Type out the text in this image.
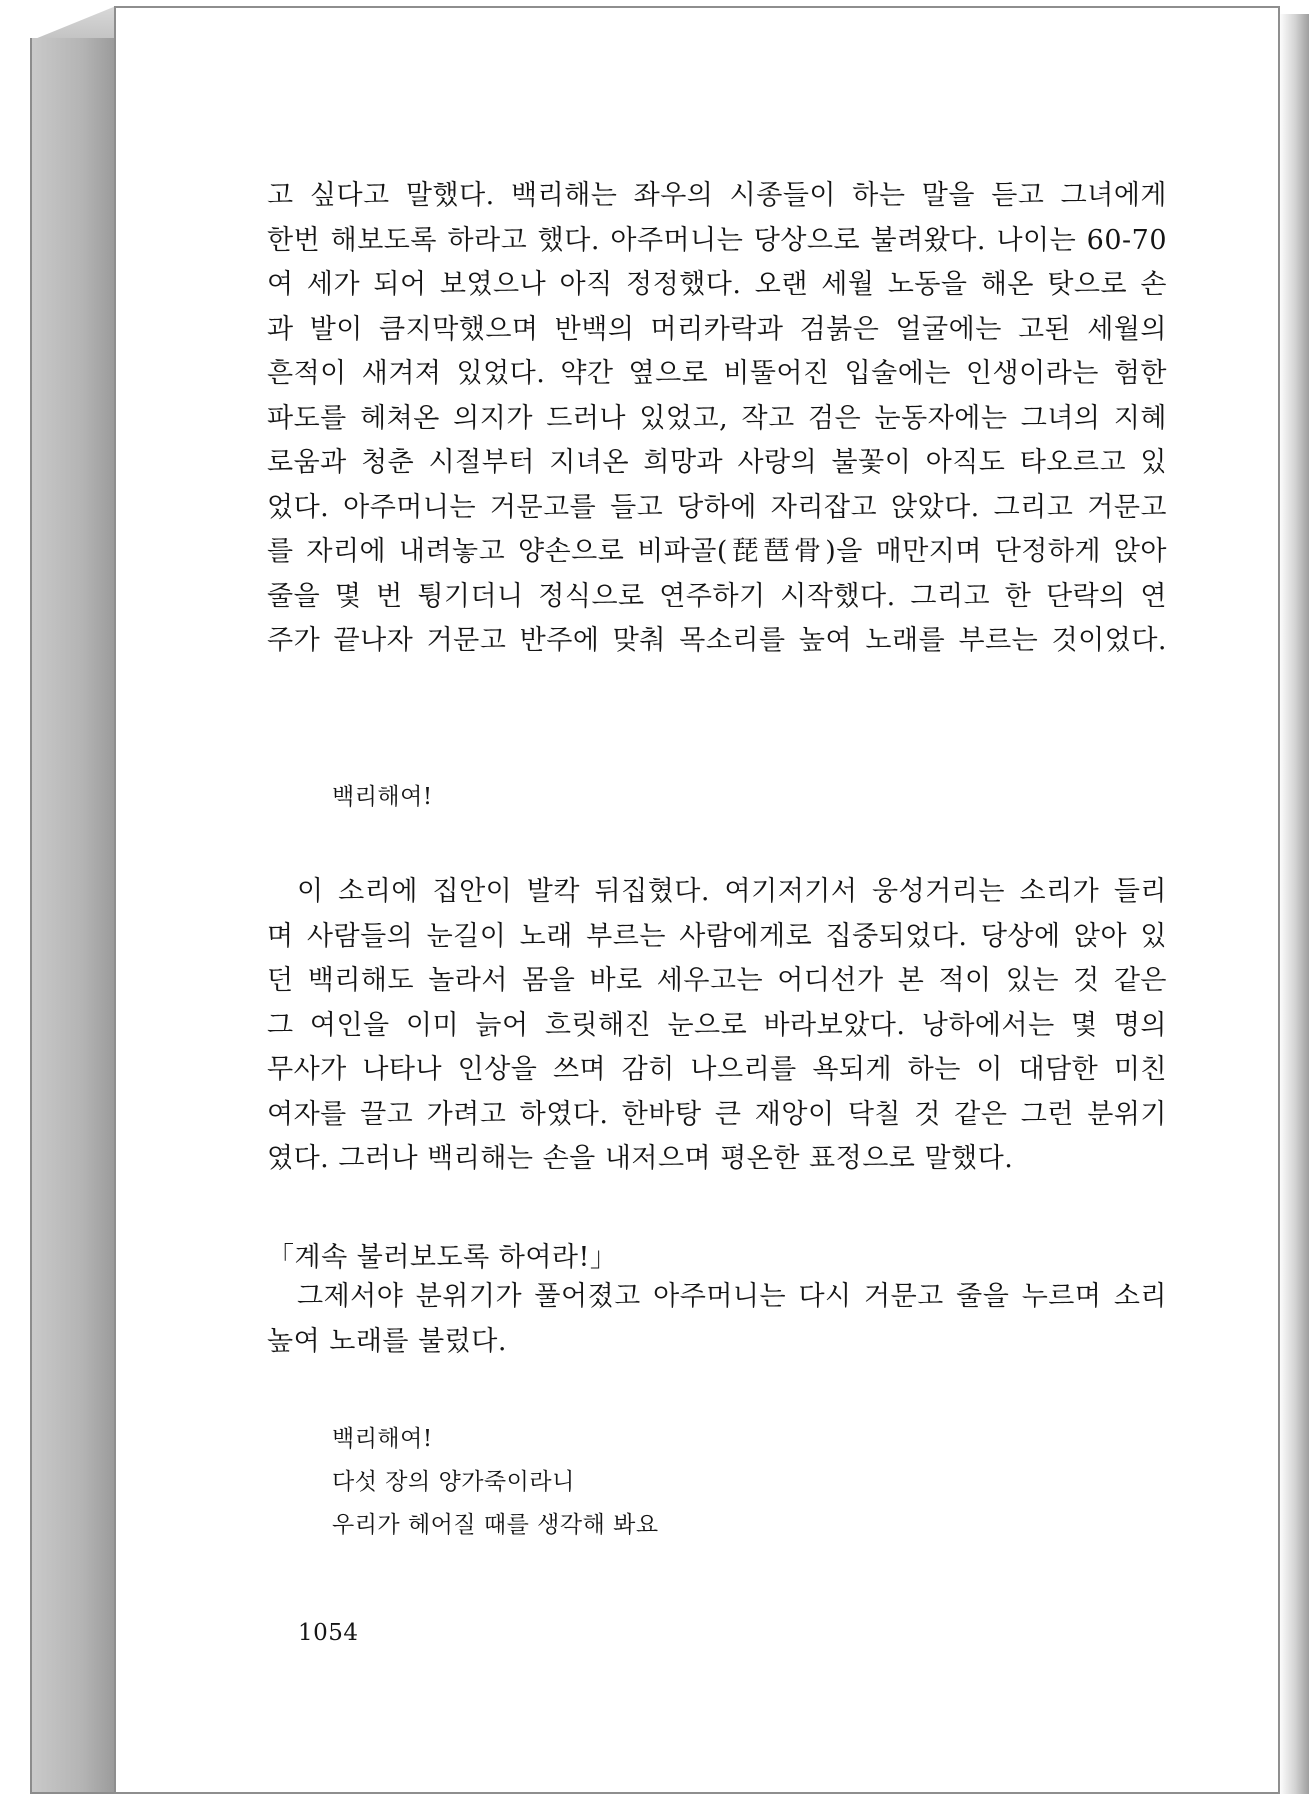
고 싶다고 말했다. 백리해는 좌우의 시종들이 하는 말을 듣고 그녀에게
한번 해보도록 하라고 했다. 아주머니는 당상으로 불려왔다. 나이는 60-70
여 세가 되어 보였으나 아직 정정했다. 오랜 세월 노동을 해온 탓으로 손
과 발이 큼지막했으며 반백의 머리카락과 검붉은 얼굴에는 고된 세월의
흔적이 새겨져 있었다. 약간 옆으로 비뚤어진 입술에는 인생이라는 험한
파도를 헤쳐온 의지가 드러나 있었고, 작고 검은 눈동자에는 그녀의 지혜
로움과 청춘 시절부터 지녀온 희망과 사랑의 불꽃이 아직도 타오르고 있
었다. 아주머니는 거문고를 들고 당하에 자리잡고 앉았다. 그리고 거문고
를 자리에 내려놓고 양손으로 비파골(琵琶骨)을 매만지며 단정하게 앉아
줄을 몇 번 튕기더니 정식으로 연주하기 시작했다. 그리고 한 단락의 연
주가 끝나자 거문고 반주에 맞춰 목소리를 높여 노래를 부르는 것이었다.
백리해여!
이 소리에 집안이 발칵 뒤집혔다. 여기저기서 웅성거리는 소리가 들리
며 사람들의 눈길이 노래 부르는 사람에게로 집중되었다. 당상에 앉아 있
던 백리해도 놀라서 몸을 바로 세우고는 어디선가 본 적이 있는 것 같은
그 여인을 이미 늙어 흐릿해진 눈으로 바라보았다. 낭하에서는 몇 명의
무사가 나타나 인상을 쓰며 감히 나으리를 욕되게 하는 이 대담한 미친
여자를 끌고 가려고 하였다. 한바탕 큰 재앙이 닥칠 것 같은 그런 분위기
였다. 그러나 백리해는 손을 내저으며 평온한 표정으로 말했다.
「계속 불러보도록 하여라!」
그제서야 분위기가 풀어졌고 아주머니는 다시 거문고 줄을 누르며 소리
높여 노래를 불렀다.
백리해여!
다섯 장의 양가죽이라니
우리가 헤어질 때를 생각해 봐요
1054
